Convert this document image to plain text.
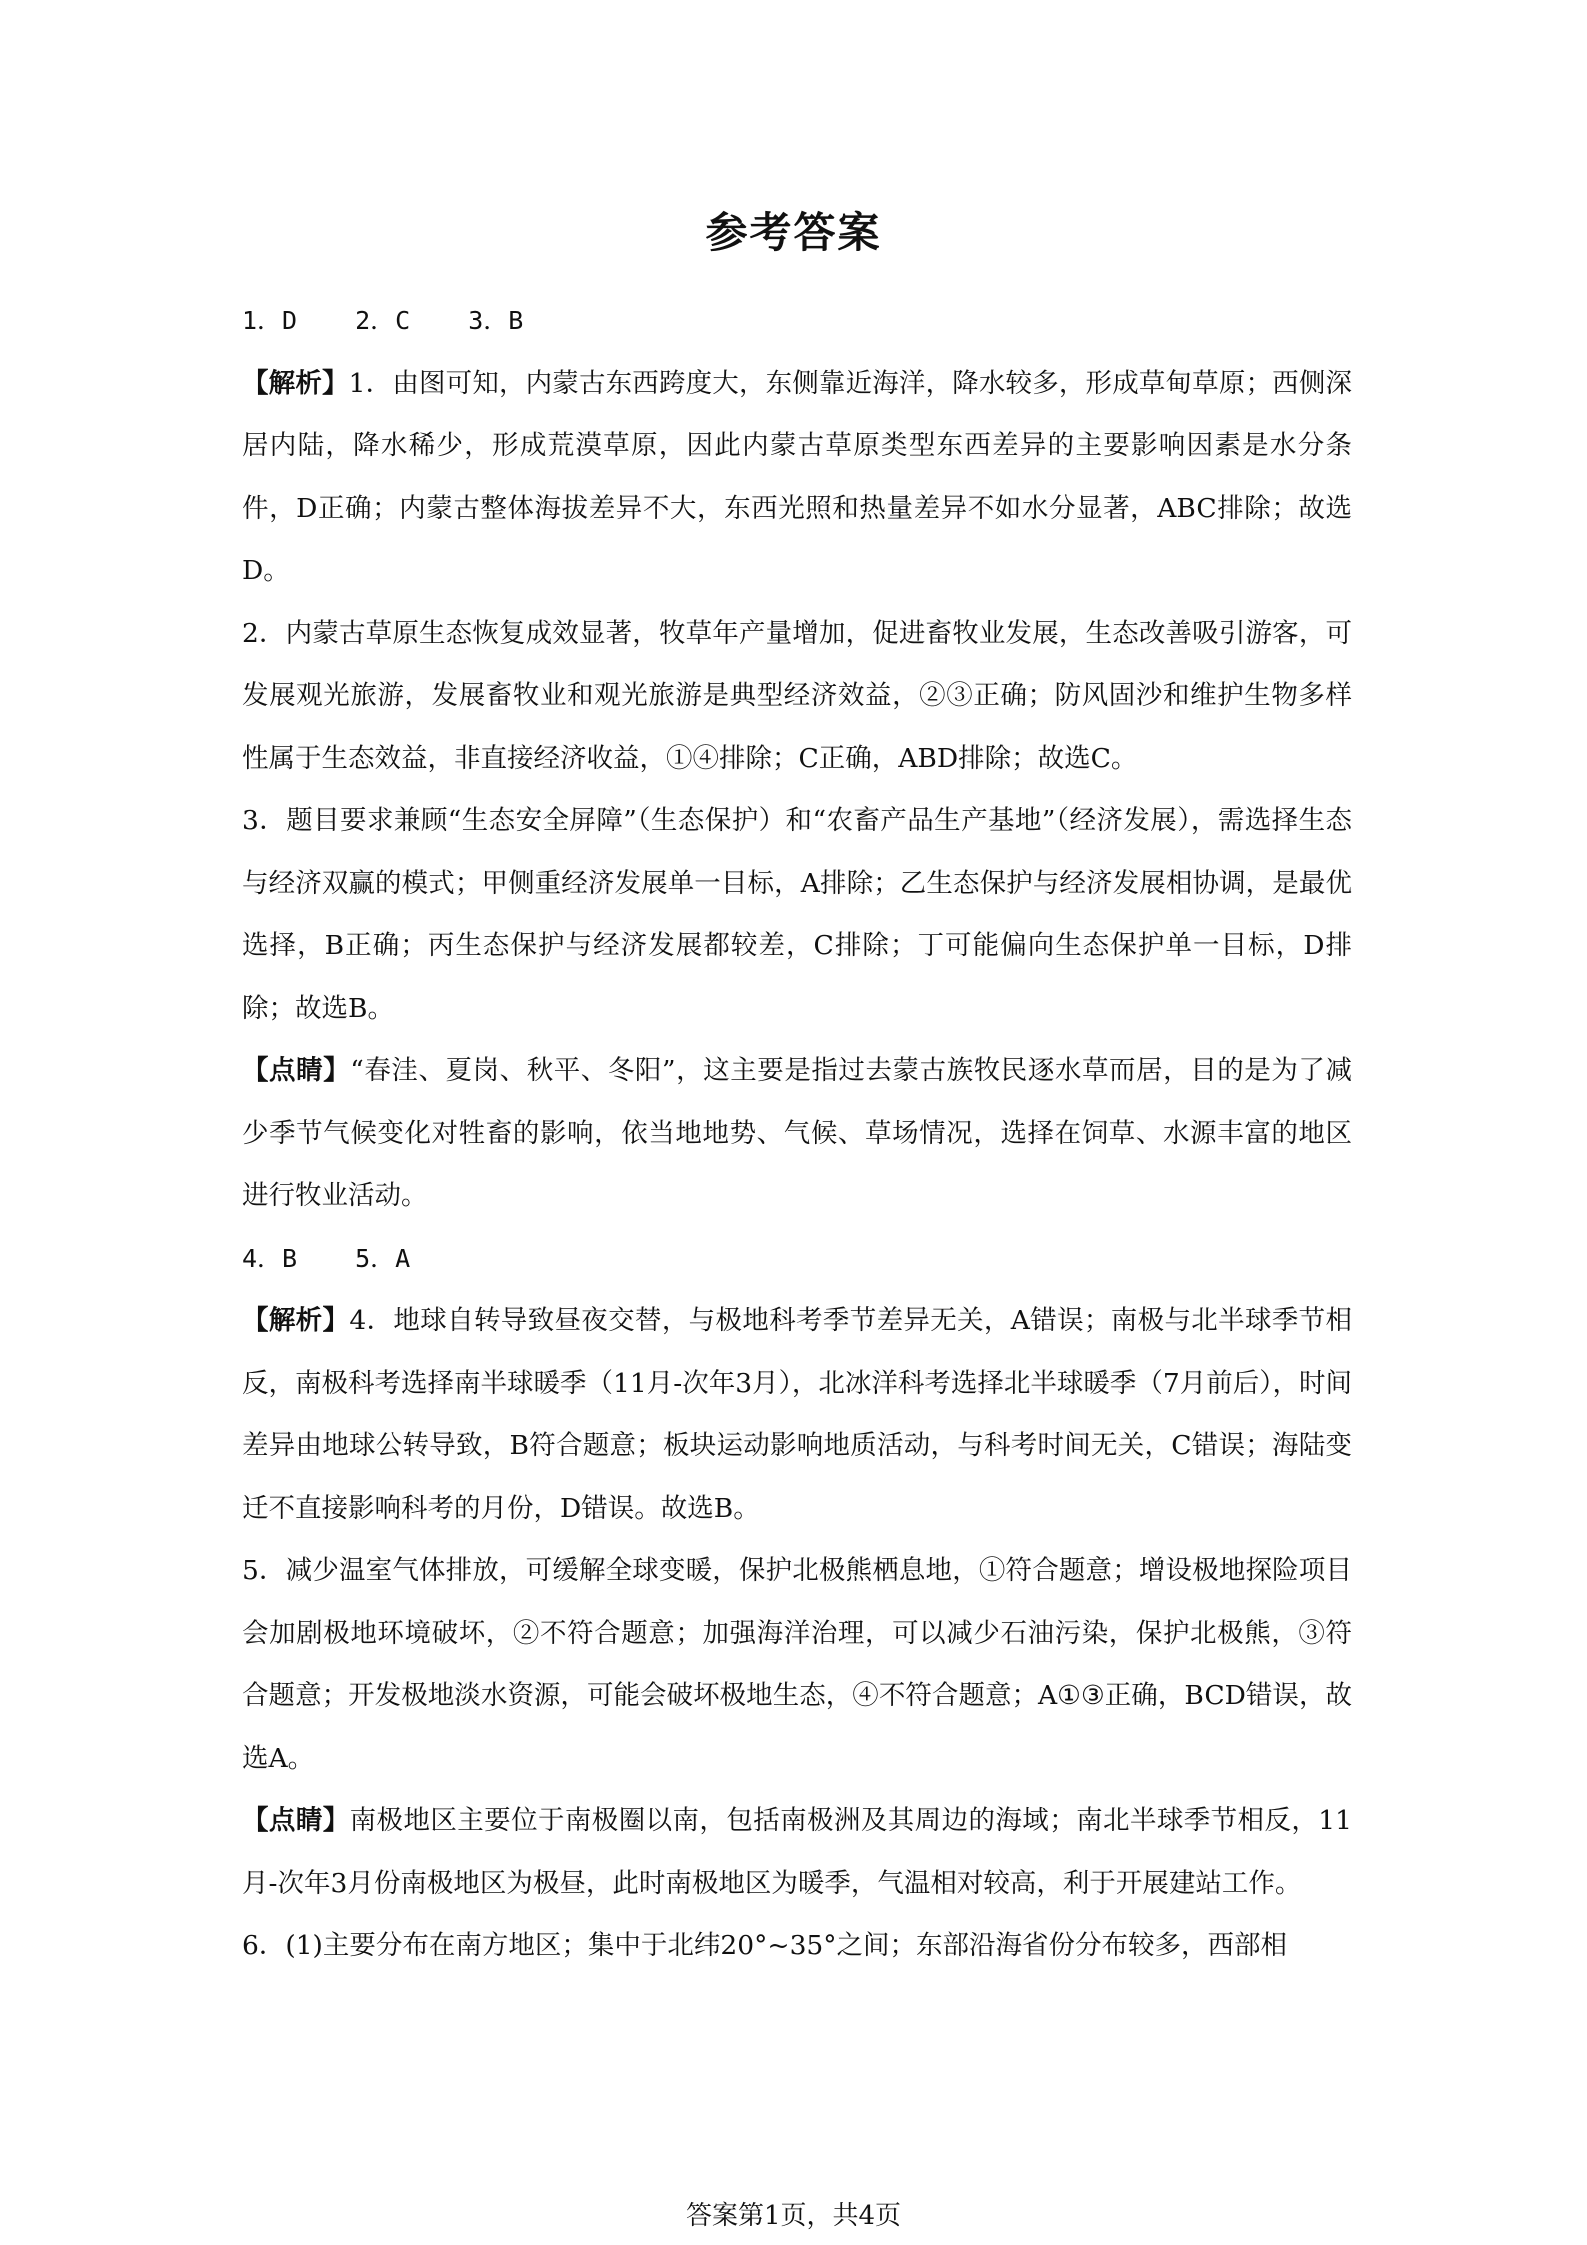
参考答案

1．D 2．C 3．B

【解析】1．由图可知，内蒙古东西跨度大，东侧靠近海洋，降水较多，形成草甸草原；西侧深居内陆，降水稀少，形成荒漠草原，因此内蒙古草原类型东西差异的主要影响因素是水分条件，D正确；内蒙古整体海拔差异不大，东西光照和热量差异不如水分显著，ABC排除；故选D。

2．内蒙古草原生态恢复成效显著，牧草年产量增加，促进畜牧业发展，生态改善吸引游客，可发展观光旅游，发展畜牧业和观光旅游是典型经济效益，②③正确；防风固沙和维护生物多样性属于生态效益，非直接经济收益，①④排除；C正确，ABD排除；故选C。

3．题目要求兼顾“生态安全屏障”（生态保护）和“农畜产品生产基地”（经济发展），需选择生态与经济双赢的模式；甲侧重经济发展单一目标，A排除；乙生态保护与经济发展相协调，是最优选择，B正确；丙生态保护与经济发展都较差，C排除；丁可能偏向生态保护单一目标，D排除；故选B。

【点睛】“春洼、夏岗、秋平、冬阳”，这主要是指过去蒙古族牧民逐水草而居，目的是为了减少季节气候变化对牲畜的影响，依当地地势、气候、草场情况，选择在饲草、水源丰富的地区进行牧业活动。

4．B 5．A

【解析】4．地球自转导致昼夜交替，与极地科考季节差异无关，A错误；南极与北半球季节相反，南极科考选择南半球暖季（11月-次年3月），北冰洋科考选择北半球暖季（7月前后），时间差异由地球公转导致，B符合题意；板块运动影响地质活动，与科考时间无关，C错误；海陆变迁不直接影响科考的月份，D错误。故选B。

5．减少温室气体排放，可缓解全球变暖，保护北极熊栖息地，①符合题意；增设极地探险项目会加剧极地环境破坏，②不符合题意；加强海洋治理，可以减少石油污染，保护北极熊，③符合题意；开发极地淡水资源，可能会破坏极地生态，④不符合题意；A①③正确，BCD错误，故选A。

【点睛】南极地区主要位于南极圈以南，包括南极洲及其周边的海域；南北半球季节相反，11月-次年3月份南极地区为极昼，此时南极地区为暖季，气温相对较高，利于开展建站工作。

6．(1)主要分布在南方地区；集中于北纬20°~35°之间；东部沿海省份分布较多，西部相

答案第1页，共4页
